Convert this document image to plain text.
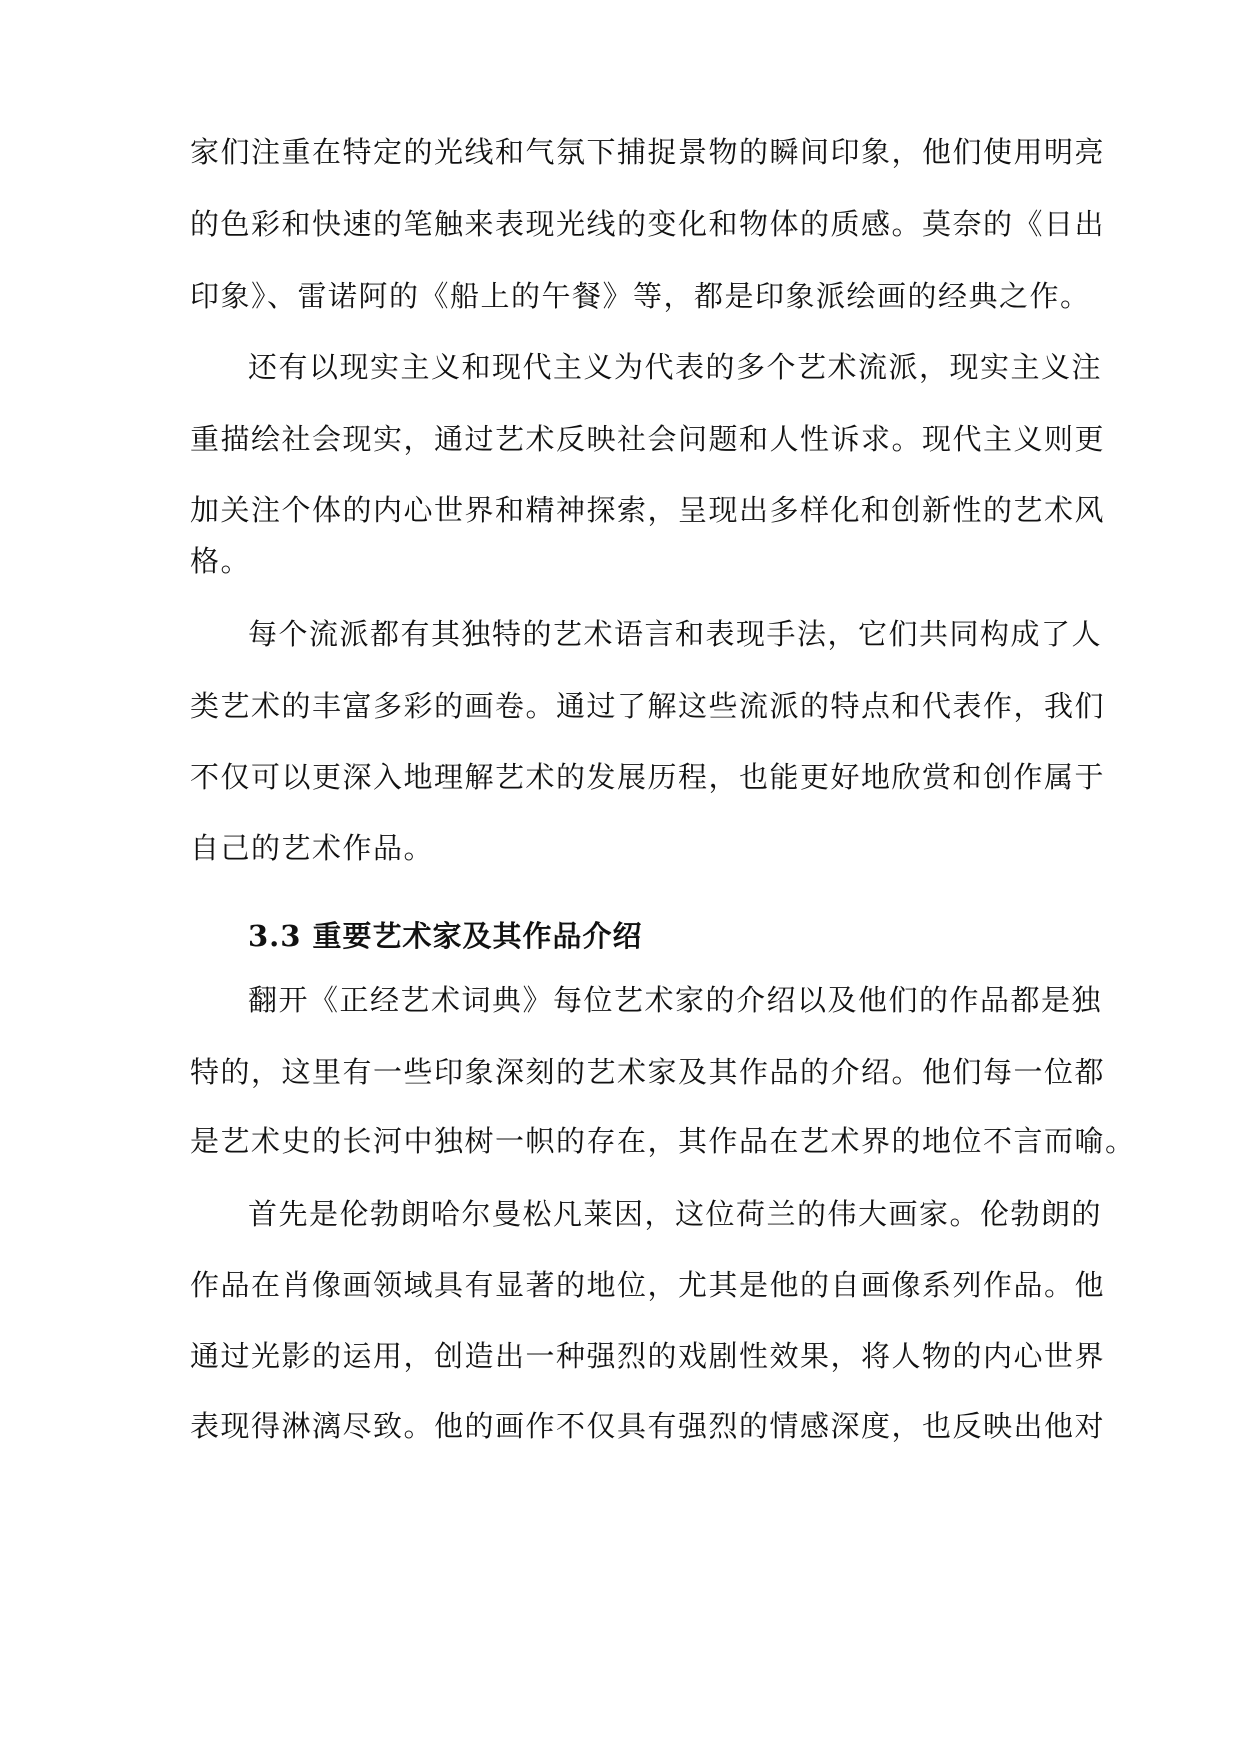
家们注重在特定的光线和气氛下捕捉景物的瞬间印象，他们使用明亮
的色彩和快速的笔触来表现光线的变化和物体的质感。莫奈的《日出
印象》、雷诺阿的《船上的午餐》等，都是印象派绘画的经典之作。
还有以现实主义和现代主义为代表的多个艺术流派，现实主义注
重描绘社会现实，通过艺术反映社会问题和人性诉求。现代主义则更
加关注个体的内心世界和精神探索，呈现出多样化和创新性的艺术风
格。
每个流派都有其独特的艺术语言和表现手法，它们共同构成了人
类艺术的丰富多彩的画卷。通过了解这些流派的特点和代表作，我们
不仅可以更深入地理解艺术的发展历程，也能更好地欣赏和创作属于
自己的艺术作品。
3.3 重要艺术家及其作品介绍
翻开《正经艺术词典》每位艺术家的介绍以及他们的作品都是独
特的，这里有一些印象深刻的艺术家及其作品的介绍。他们每一位都
是艺术史的长河中独树一帜的存在，其作品在艺术界的地位不言而喻。
首先是伦勃朗哈尔曼松凡莱因，这位荷兰的伟大画家。伦勃朗的
作品在肖像画领域具有显著的地位，尤其是他的自画像系列作品。他
通过光影的运用，创造出一种强烈的戏剧性效果，将人物的内心世界
表现得淋漓尽致。他的画作不仅具有强烈的情感深度，也反映出他对
